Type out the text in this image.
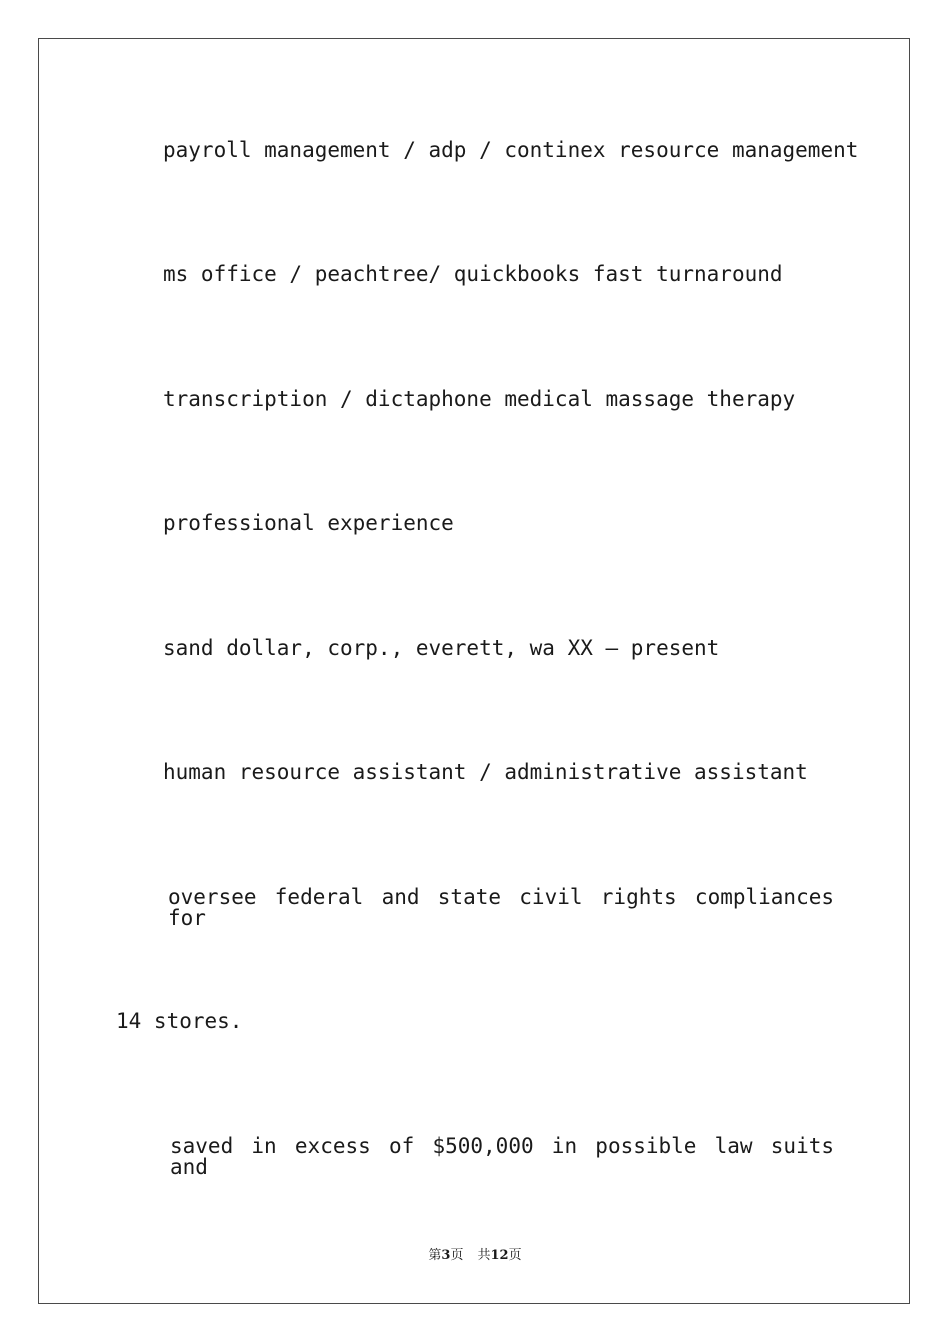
payroll management / adp / continex resource management
ms office / peachtree/ quickbooks fast turnaround
transcription / dictaphone medical massage therapy
professional experience
sand dollar, corp., everett, wa XX – present
human resource assistant / administrative assistant
oversee federal and state civil rights compliances for
14 stores.
saved in excess of $500,000 in possible law suits and
第3页 共12页
